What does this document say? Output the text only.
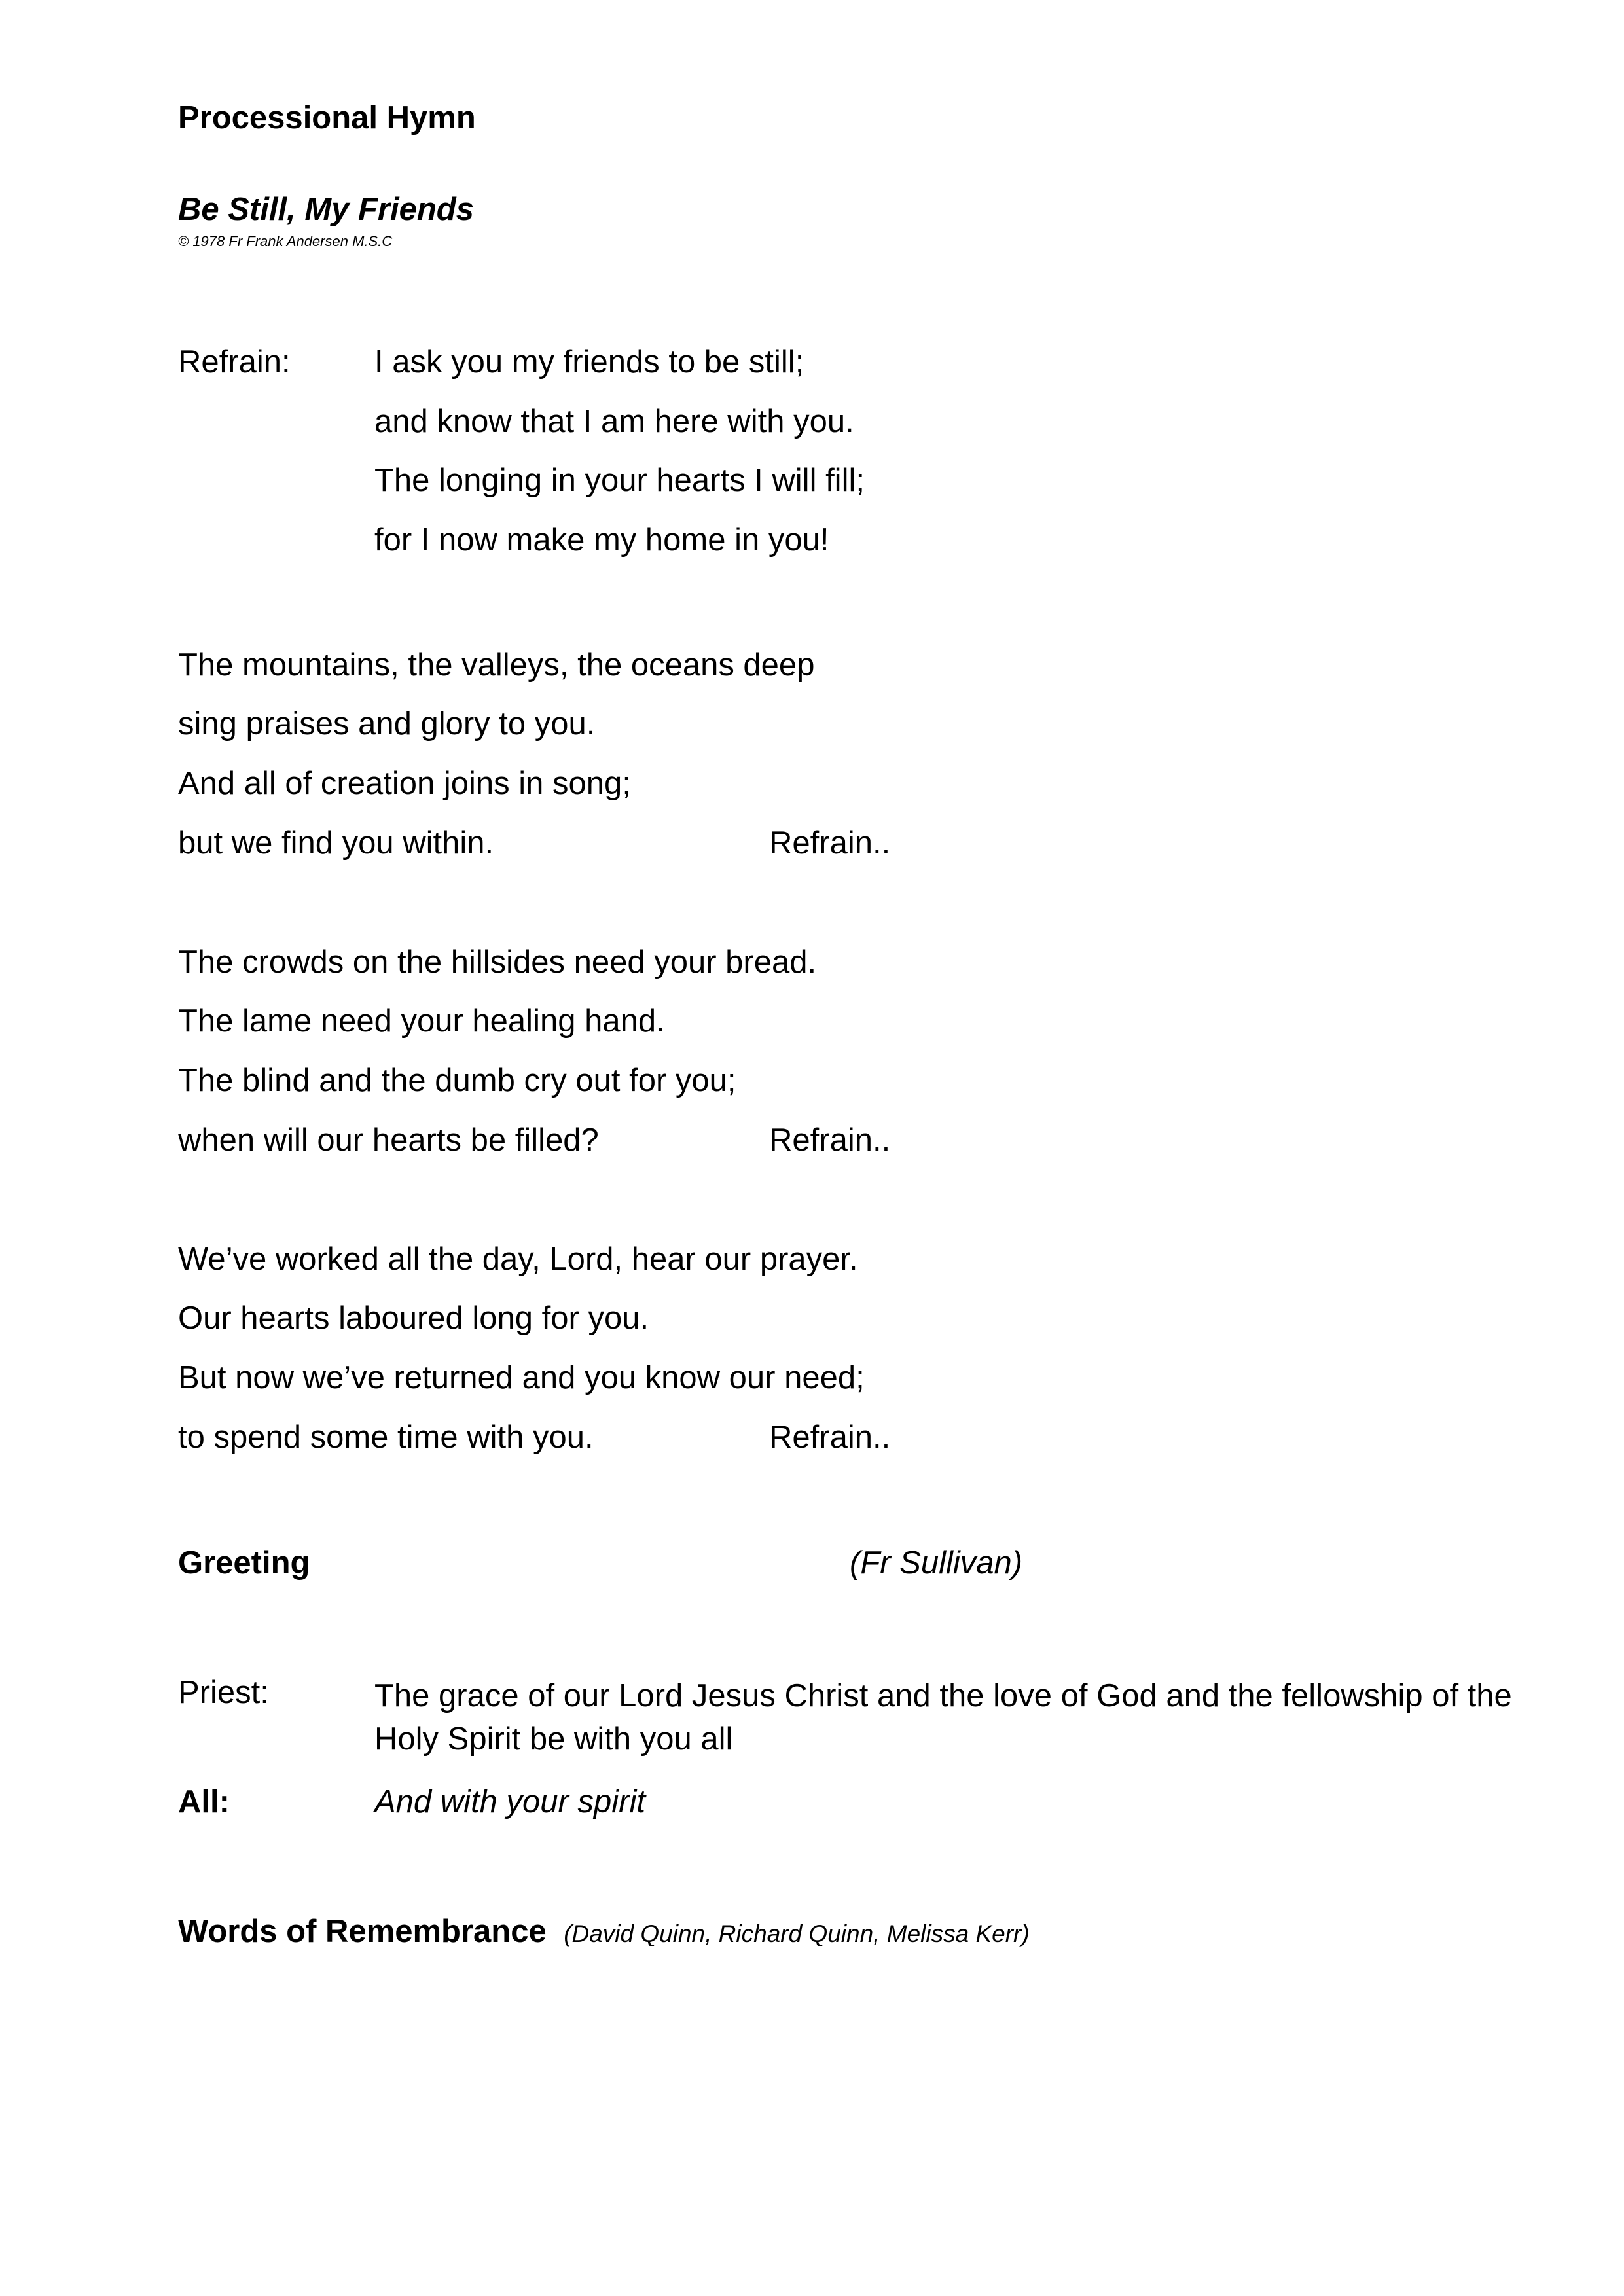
Processional Hymn
Be Still, My Friends
© 1978 Fr Frank Andersen M.S.C
Refrain:	I ask you my friends to be still;
and know that I am here with you.
The longing in your hearts I will fill;
for I now make my home in you!
The mountains, the valleys, the oceans deep
sing praises and glory to you.
And all of creation joins in song;
but we find you within.	Refrain..
The crowds on the hillsides need your bread.
The lame need your healing hand.
The blind and the dumb cry out for you;
when will our hearts be filled?	Refrain..
We’ve worked all the day, Lord, hear our prayer.
Our hearts laboured long for you.
But now we’ve returned and you know our need;
to spend some time with you.	Refrain..
Greeting	(Fr Sullivan)
Priest:	The grace of our Lord Jesus Christ and the love of God and the fellowship of the Holy Spirit be with you all
All:	And with your spirit
Words of Remembrance (David Quinn, Richard Quinn, Melissa Kerr)
